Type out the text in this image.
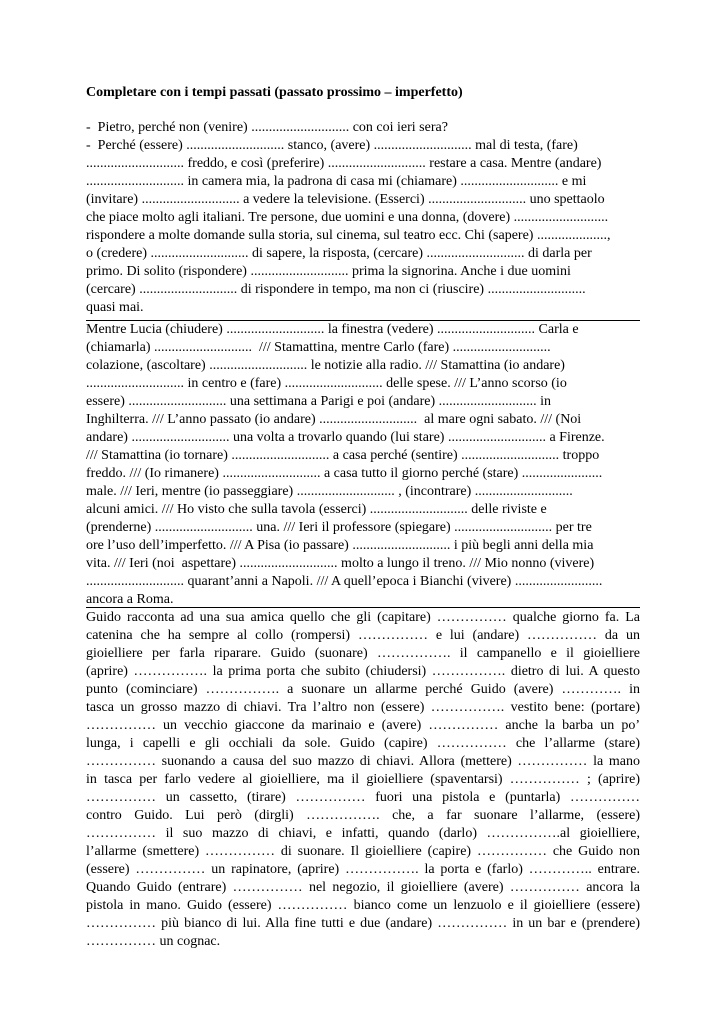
Completare con i tempi passati (passato prossimo – imperfetto)
-  Pietro, perché non (venire) ............................ con coi ieri sera?
-  Perché (essere) ............................ stanco, (avere) ............................ mal di testa, (fare)
............................ freddo, e così (preferire) ............................ restare a casa. Mentre (andare)
............................ in camera mia, la padrona di casa mi (chiamare) ............................ e mi
(invitare) ............................ a vedere la televisione. (Esserci) ............................ uno spettaolo
che piace molto agli italiani. Tre persone, due uomini e una donna, (dovere) ...........................
rispondere a molte domande sulla storia, sul cinema, sul teatro ecc. Chi (sapere) ....................,
o (credere) ............................ di sapere, la risposta, (cercare) ............................ di darla per
primo. Di solito (rispondere) ............................ prima la signorina. Anche i due uomini
(cercare) ............................ di rispondere in tempo, ma non ci (riuscire) ............................
quasi mai.
Mentre Lucia (chiudere) ............................ la finestra (vedere) ............................ Carla e
(chiamarla) ............................  /// Stamattina, mentre Carlo (fare) ............................
colazione, (ascoltare) ............................ le notizie alla radio. /// Stamattina (io andare)
............................ in centro e (fare) ............................ delle spese. /// L’anno scorso (io
essere) ............................ una settimana a Parigi e poi (andare) ............................ in
Inghilterra. /// L’anno passato (io andare) ............................  al mare ogni sabato. /// (Noi
andare) ............................ una volta a trovarlo quando (lui stare) ............................ a Firenze.
/// Stamattina (io tornare) ............................ a casa perché (sentire) ............................ troppo
freddo. /// (Io rimanere) ............................ a casa tutto il giorno perché (stare) .......................
male. /// Ieri, mentre (io passeggiare) ............................ , (incontrare) ............................
alcuni amici. /// Ho visto che sulla tavola (esserci) ............................ delle riviste e
(prenderne) ............................ una. /// Ieri il professore (spiegare) ............................ per tre
ore l’uso dell’imperfetto. /// A Pisa (io passare) ............................ i più begli anni della mia
vita. /// Ieri (noi  aspettare) ............................ molto a lungo il treno. /// Mio nonno (vivere)
............................ quarant’anni a Napoli. /// A quell’epoca i Bianchi (vivere) .........................
ancora a Roma.
Guido racconta ad una sua amica quello che gli (capitare) …………… qualche giorno fa. La
catenina che ha sempre al collo (rompersi) …………… e lui (andare) …………… da un
gioielliere per farla riparare. Guido (suonare) ……………. il campanello e il gioielliere
(aprire) ……………. la prima porta che subito (chiudersi) ……………. dietro di lui. A questo
punto (cominciare) ……………. a suonare un allarme perché Guido (avere) …………. in
tasca un grosso mazzo di chiavi. Tra l’altro non (essere) ……………. vestito bene: (portare)
…………… un vecchio giaccone da marinaio e (avere) …………… anche la barba un po’
lunga, i capelli e gli occhiali da sole. Guido (capire) …………… che l’allarme (stare)
…………… suonando a causa del suo mazzo di chiavi. Allora (mettere) …………… la mano
in tasca per farlo vedere al gioielliere, ma il gioielliere (spaventarsi) …………… ; (aprire)
…………… un cassetto, (tirare) …………… fuori una pistola e (puntarla) ……………
contro Guido. Lui però (dirgli) ……………. che, a far suonare l’allarme, (essere)
…………… il suo mazzo di chiavi, e infatti, quando (darlo) …………….al gioielliere,
l’allarme (smettere) …………… di suonare. Il gioielliere (capire) …………… che Guido non
(essere) …………… un rapinatore, (aprire) ……………. la porta e (farlo) ………….. entrare.
Quando Guido (entrare) …………… nel negozio, il gioielliere (avere) …………… ancora la
pistola in mano. Guido (essere) …………… bianco come un lenzuolo e il gioielliere (essere)
…………… più bianco di lui. Alla fine tutti e due (andare) …………… in un bar e (prendere)
…………… un cognac.
